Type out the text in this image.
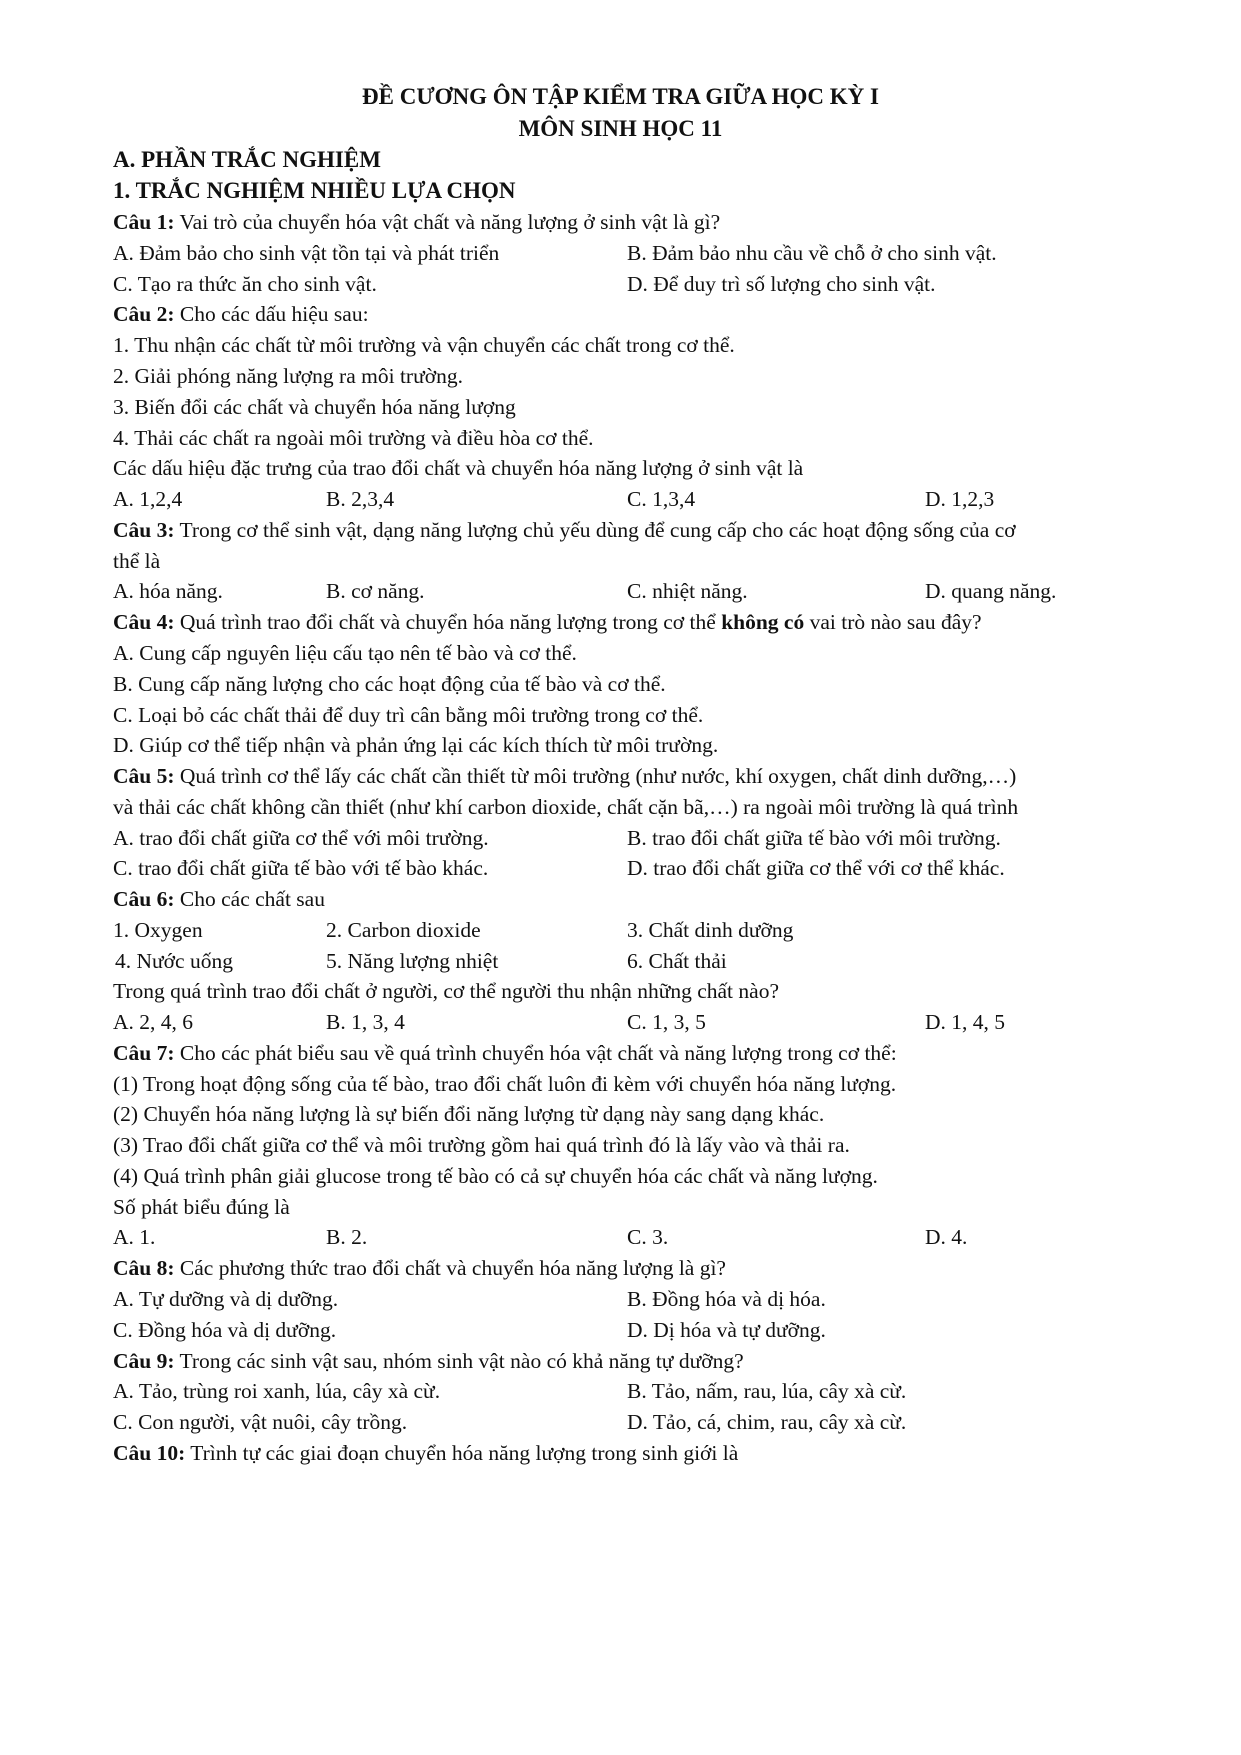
ĐỀ CƯƠNG ÔN TẬP KIỂM TRA GIỮA HỌC KỲ I
MÔN SINH HỌC 11
A. PHẦN TRẮC NGHIỆM
1. TRẮC NGHIỆM NHIỀU LỰA CHỌN
Câu 1: Vai trò của chuyển hóa vật chất và năng lượng ở sinh vật là gì?
A. Đảm bảo cho sinh vật tồn tại và phát triển	B. Đảm bảo nhu cầu về chỗ ở cho sinh vật.
C. Tạo ra thức ăn cho sinh vật.	D. Để duy trì số lượng cho sinh vật.
Câu 2: Cho các dấu hiệu sau:
1. Thu nhận các chất từ môi trường và vận chuyển các chất trong cơ thể.
2. Giải phóng năng lượng ra môi trường.
3. Biến đổi các chất và chuyển hóa năng lượng
4. Thải các chất ra ngoài môi trường và điều hòa cơ thể.
Các dấu hiệu đặc trưng của trao đổi chất và chuyển hóa năng lượng ở sinh vật là
A. 1,2,4	B. 2,3,4	C. 1,3,4	D. 1,2,3
Câu 3: Trong cơ thể sinh vật, dạng năng lượng chủ yếu dùng để cung cấp cho các hoạt động sống của cơ
thể là
A. hóa năng.	B. cơ năng.	C. nhiệt năng.	D. quang năng.
Câu 4: Quá trình trao đổi chất và chuyển hóa năng lượng trong cơ thể không có vai trò nào sau đây?
A. Cung cấp nguyên liệu cấu tạo nên tế bào và cơ thể.
B. Cung cấp năng lượng cho các hoạt động của tế bào và cơ thể.
C. Loại bỏ các chất thải để duy trì cân bằng môi trường trong cơ thể.
D. Giúp cơ thể tiếp nhận và phản ứng lại các kích thích từ môi trường.
Câu 5: Quá trình cơ thể lấy các chất cần thiết từ môi trường (như nước, khí oxygen, chất dinh dưỡng,…)
và thải các chất không cần thiết (như khí carbon dioxide, chất cặn bã,…) ra ngoài môi trường là quá trình
A. trao đổi chất giữa cơ thể với môi trường.	B. trao đổi chất giữa tế bào với môi trường.
C. trao đổi chất giữa tế bào với tế bào khác.	D. trao đổi chất giữa cơ thể với cơ thể khác.
Câu 6: Cho các chất sau
1. Oxygen	2. Carbon dioxide	3. Chất dinh dưỡng
4. Nước uống	5. Năng lượng nhiệt	6. Chất thải
Trong quá trình trao đổi chất ở người, cơ thể người thu nhận những chất nào?
A. 2, 4, 6	B. 1, 3, 4	C. 1, 3, 5	D. 1, 4, 5
Câu 7: Cho các phát biểu sau về quá trình chuyển hóa vật chất và năng lượng trong cơ thể:
(1) Trong hoạt động sống của tế bào, trao đổi chất luôn đi kèm với chuyển hóa năng lượng.
(2) Chuyển hóa năng lượng là sự biến đổi năng lượng từ dạng này sang dạng khác.
(3) Trao đổi chất giữa cơ thể và môi trường gồm hai quá trình đó là lấy vào và thải ra.
(4) Quá trình phân giải glucose trong tế bào có cả sự chuyển hóa các chất và năng lượng.
Số phát biểu đúng là
A. 1.	B. 2.	C. 3.	D. 4.
Câu 8: Các phương thức trao đổi chất và chuyển hóa năng lượng là gì?
A. Tự dưỡng và dị dưỡng.	B. Đồng hóa và dị hóa.
C. Đồng hóa và dị dưỡng.	D. Dị hóa và tự dưỡng.
Câu 9: Trong các sinh vật sau, nhóm sinh vật nào có khả năng tự dưỡng?
A. Tảo, trùng roi xanh, lúa, cây xà cừ.	B. Tảo, nấm, rau, lúa, cây xà cừ.
C. Con người, vật nuôi, cây trồng.	D. Tảo, cá, chim, rau, cây xà cừ.
Câu 10: Trình tự các giai đoạn chuyển hóa năng lượng trong sinh giới là
